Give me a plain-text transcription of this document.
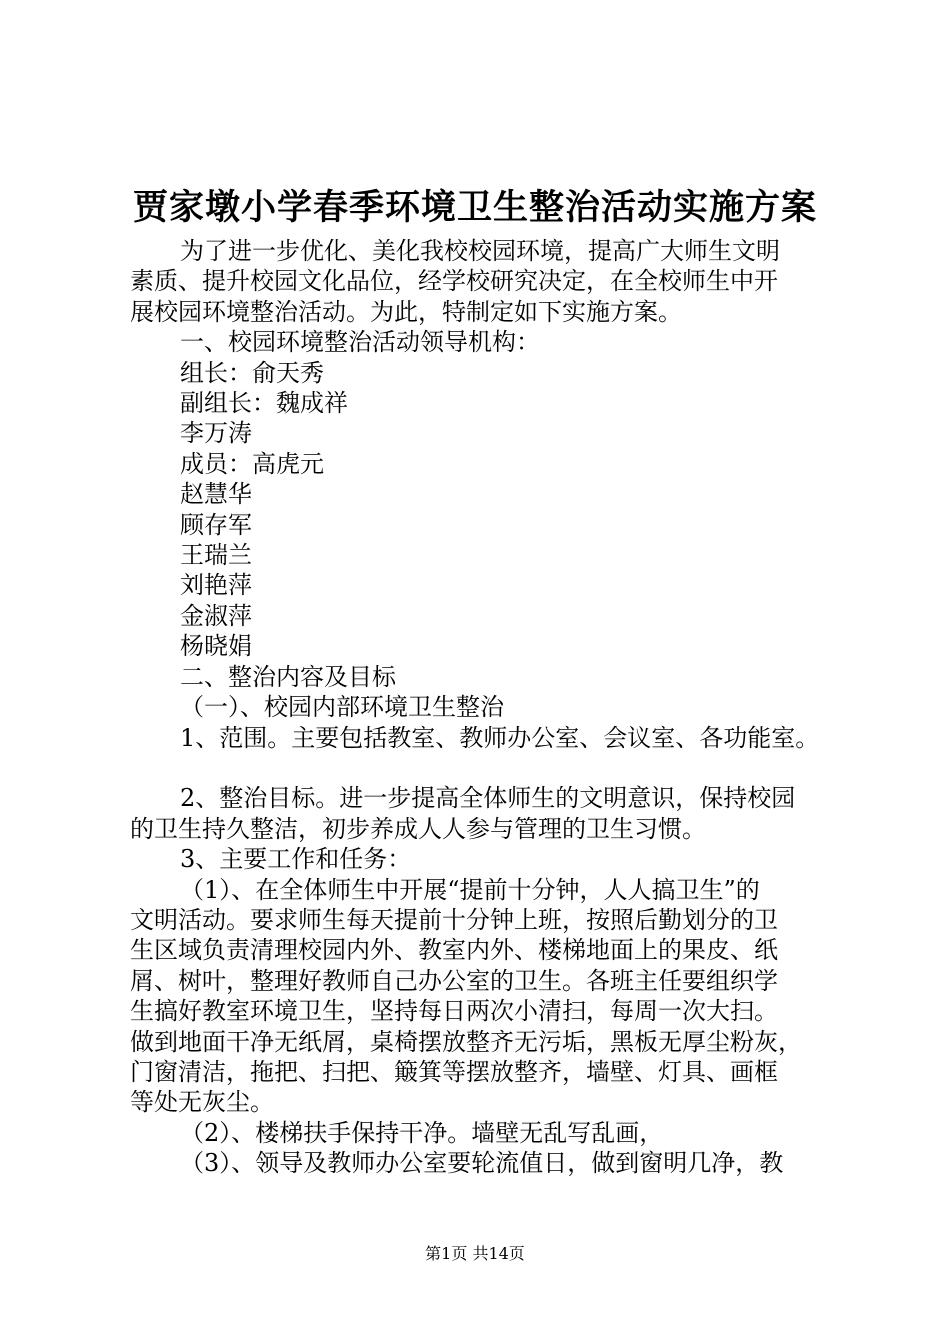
贾家墩小学春季环境卫生整治活动实施方案

为了进一步优化、美化我校校园环境，提高广大师生文明

素质、提升校园文化品位，经学校研究决定，在全校师生中开

展校园环境整治活动。为此，特制定如下实施方案。

一、校园环境整治活动领导机构：

组长：俞天秀

副组长：魏成祥

李万涛

成员：高虎元

赵慧华

顾存军

王瑞兰

刘艳萍

金淑萍

杨晓娟

二、整治内容及目标

（一）、校园内部环境卫生整治

1、范围。主要包括教室、教师办公室、会议室、各功能室。

2、整治目标。进一步提高全体师生的文明意识，保持校园

的卫生持久整洁，初步养成人人参与管理的卫生习惯。

3、主要工作和任务：

（1）、在全体师生中开展“提前十分钟，人人搞卫生”的

文明活动。要求师生每天提前十分钟上班，按照后勤划分的卫

生区域负责清理校园内外、教室内外、楼梯地面上的果皮、纸

屑、树叶，整理好教师自己办公室的卫生。各班主任要组织学

生搞好教室环境卫生，坚持每日两次小清扫，每周一次大扫。

做到地面干净无纸屑，桌椅摆放整齐无污垢，黑板无厚尘粉灰，

门窗清洁，拖把、扫把、簸箕等摆放整齐，墙壁、灯具、画框

等处无灰尘。

（2）、楼梯扶手保持干净。墙壁无乱写乱画，

（3）、领导及教师办公室要轮流值日，做到窗明几净，教

第1页 共14页
